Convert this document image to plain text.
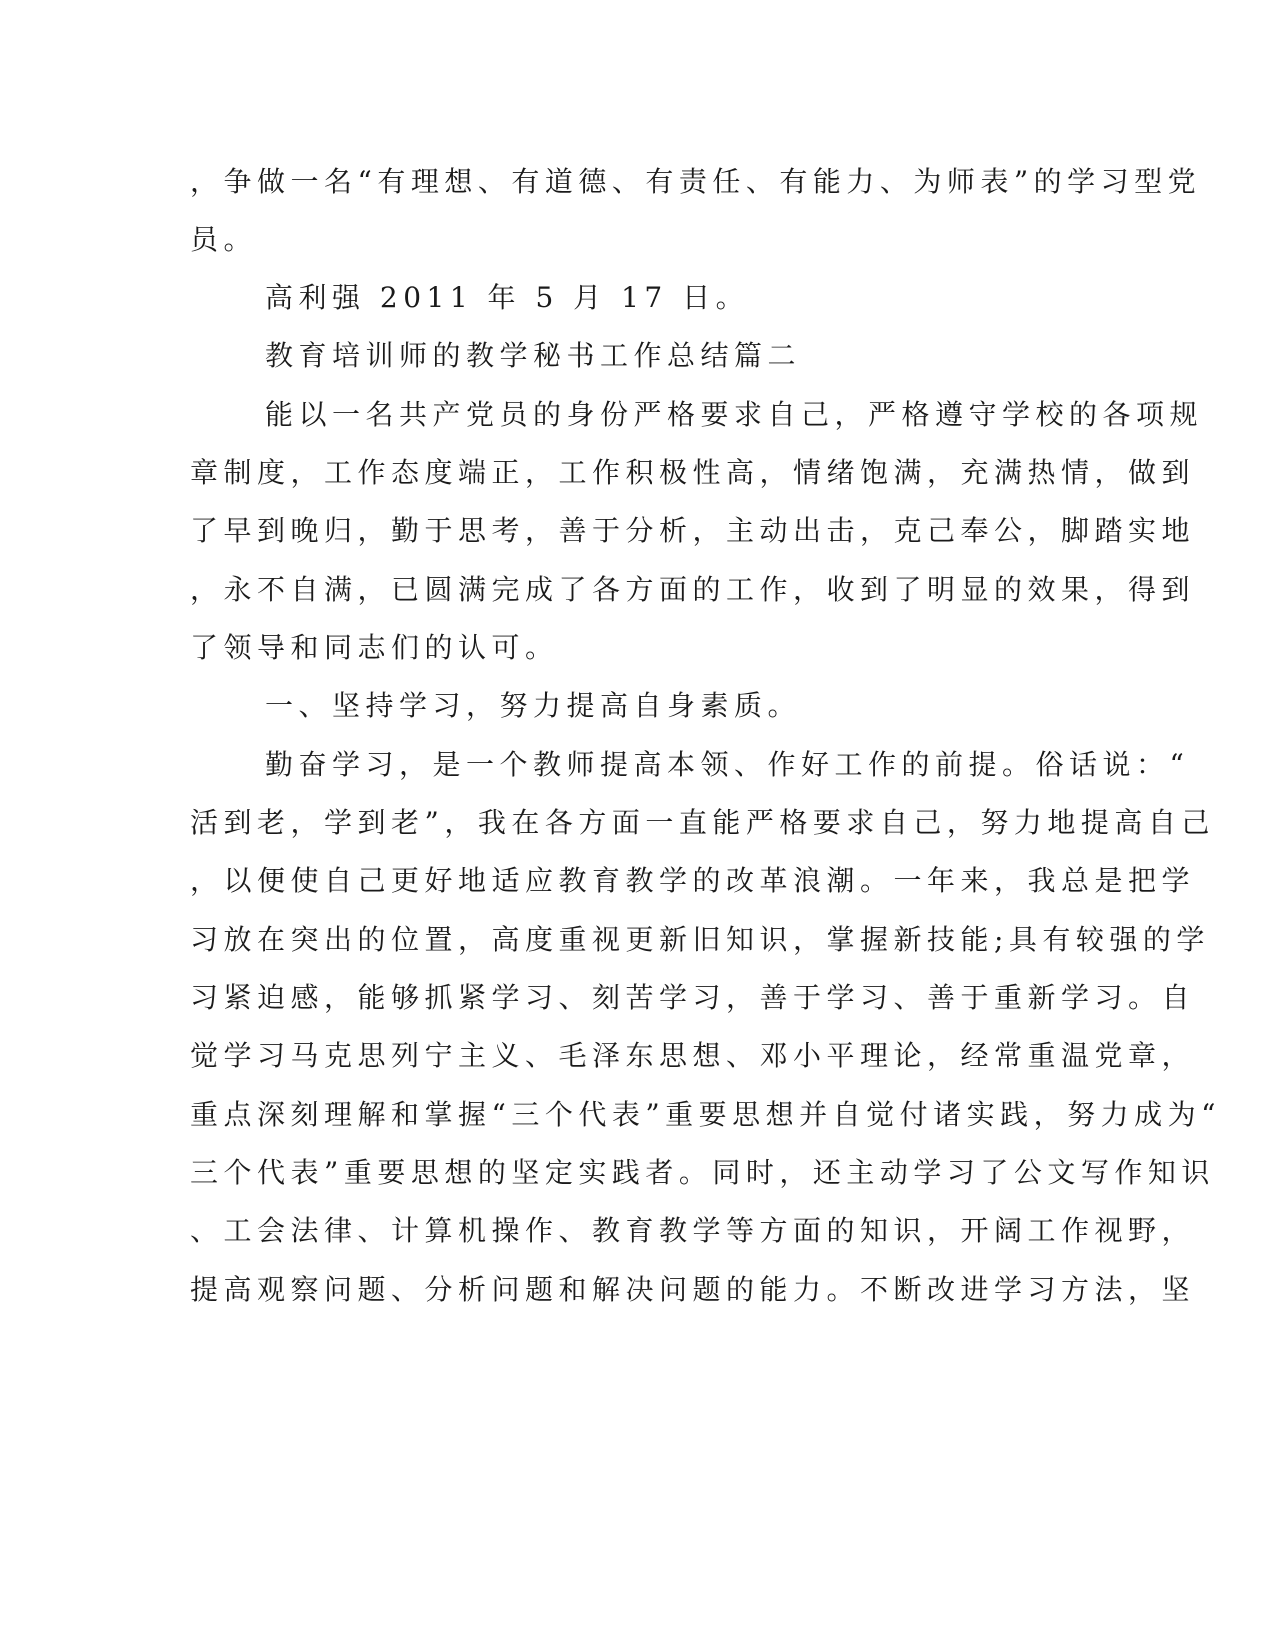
，争做一名“有理想、有道德、有责任、有能力、为师表”的学习型党
员。
高利强 2011 年 5 月 17 日。
教育培训师的教学秘书工作总结篇二
能以一名共产党员的身份严格要求自己，严格遵守学校的各项规
章制度，工作态度端正，工作积极性高，情绪饱满，充满热情，做到
了早到晚归，勤于思考，善于分析，主动出击，克己奉公，脚踏实地
，永不自满，已圆满完成了各方面的工作，收到了明显的效果，得到
了领导和同志们的认可。
一、坚持学习，努力提高自身素质。
勤奋学习，是一个教师提高本领、作好工作的前提。俗话说：“
活到老，学到老”，我在各方面一直能严格要求自己，努力地提高自己
，以便使自己更好地适应教育教学的改革浪潮。一年来，我总是把学
习放在突出的位置，高度重视更新旧知识，掌握新技能;具有较强的学
习紧迫感，能够抓紧学习、刻苦学习，善于学习、善于重新学习。自
觉学习马克思列宁主义、毛泽东思想、邓小平理论，经常重温党章，
重点深刻理解和掌握“三个代表”重要思想并自觉付诸实践，努力成为“
三个代表”重要思想的坚定实践者。同时，还主动学习了公文写作知识
、工会法律、计算机操作、教育教学等方面的知识，开阔工作视野，
提高观察问题、分析问题和解决问题的能力。不断改进学习方法，坚
